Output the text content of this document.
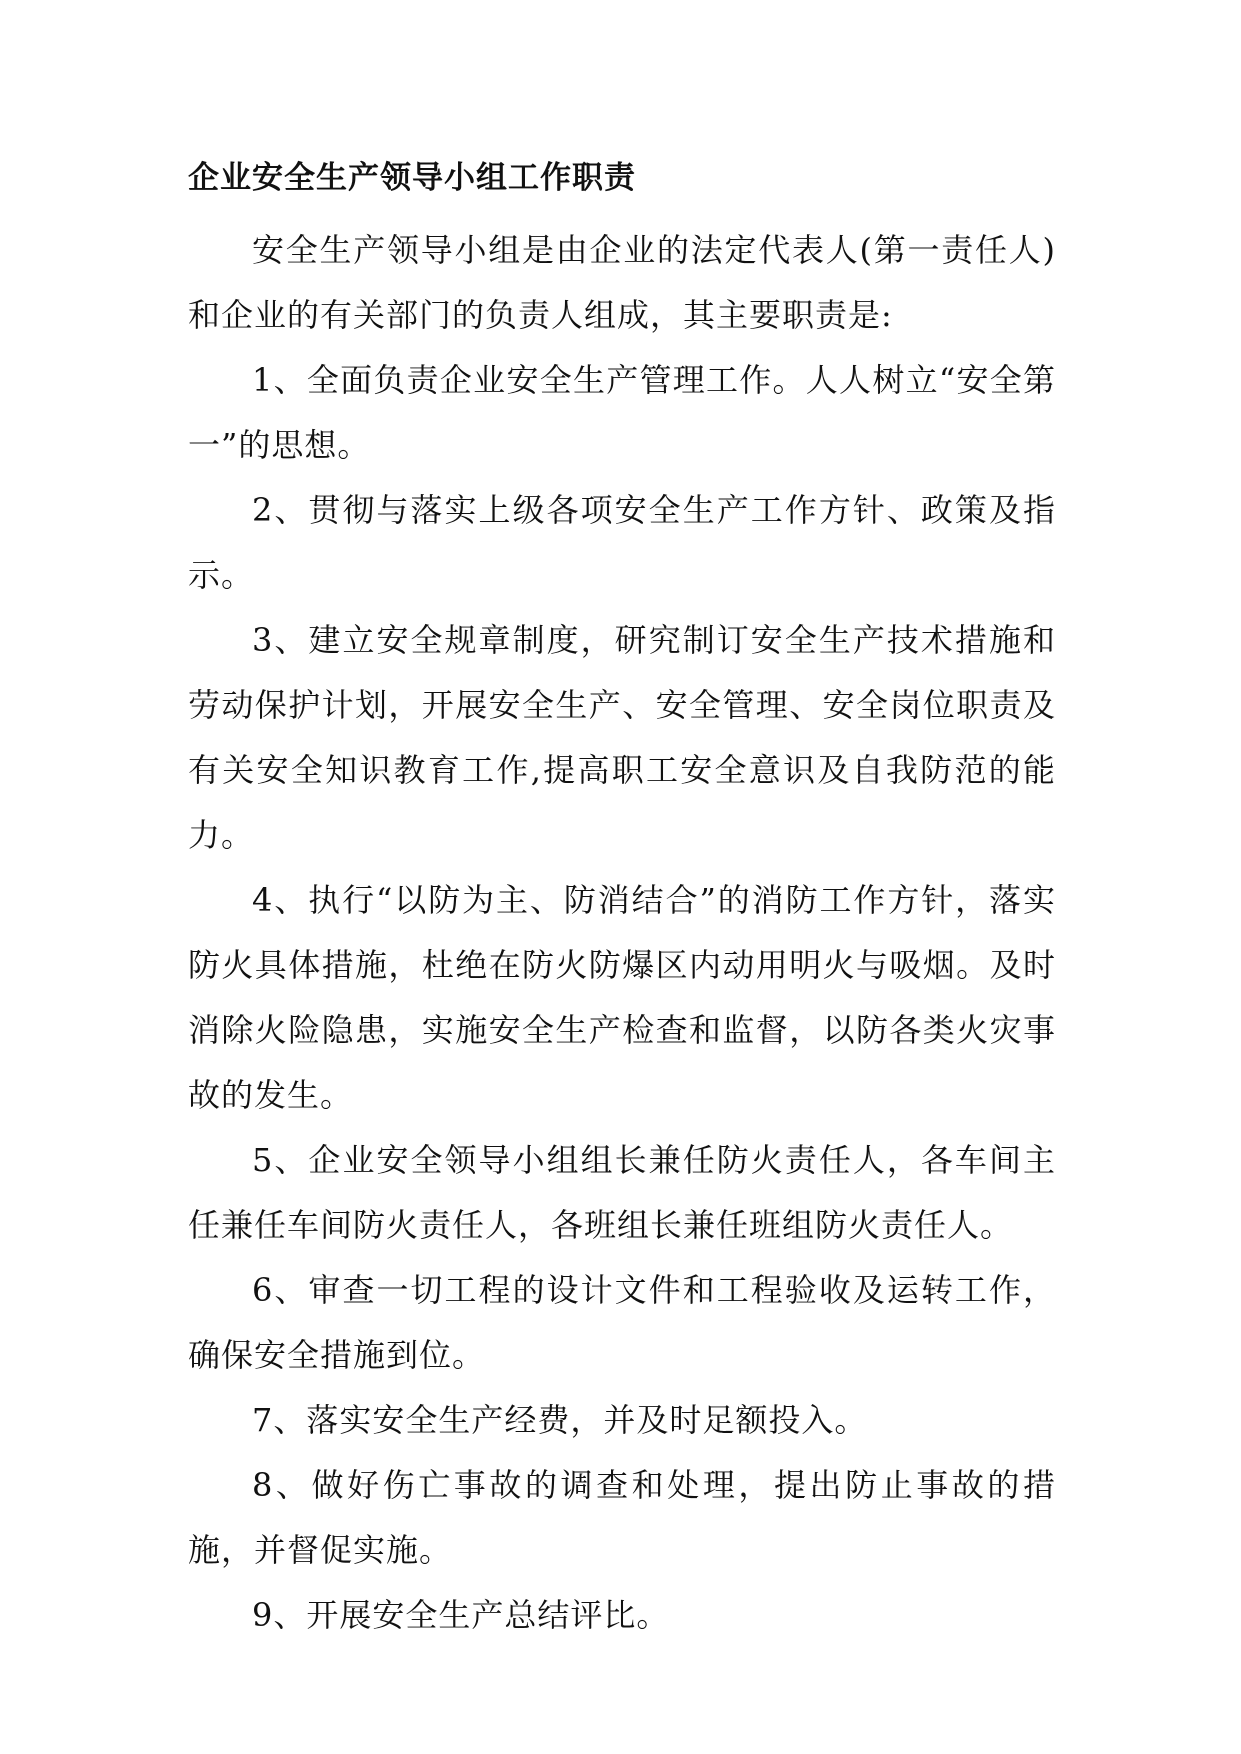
企业安全生产领导小组工作职责

安全生产领导小组是由企业的法定代表人(第一责任人)和企业的有关部门的负责人组成，其主要职责是:

1、全面负责企业安全生产管理工作。人人树立“安全第一”的思想。

2、贯彻与落实上级各项安全生产工作方针、政策及指示。

3、建立安全规章制度，研究制订安全生产技术措施和劳动保护计划，开展安全生产、安全管理、安全岗位职责及有关安全知识教育工作,提高职工安全意识及自我防范的能力。

4、执行“以防为主、防消结合”的消防工作方针，落实防火具体措施，杜绝在防火防爆区内动用明火与吸烟。及时消除火险隐患，实施安全生产检查和监督，以防各类火灾事故的发生。

5、企业安全领导小组组长兼任防火责任人，各车间主任兼任车间防火责任人，各班组长兼任班组防火责任人。

6、审查一切工程的设计文件和工程验收及运转工作，确保安全措施到位。

7、落实安全生产经费，并及时足额投入。

8、做好伤亡事故的调查和处理，提出防止事故的措施，并督促实施。

9、开展安全生产总结评比。
